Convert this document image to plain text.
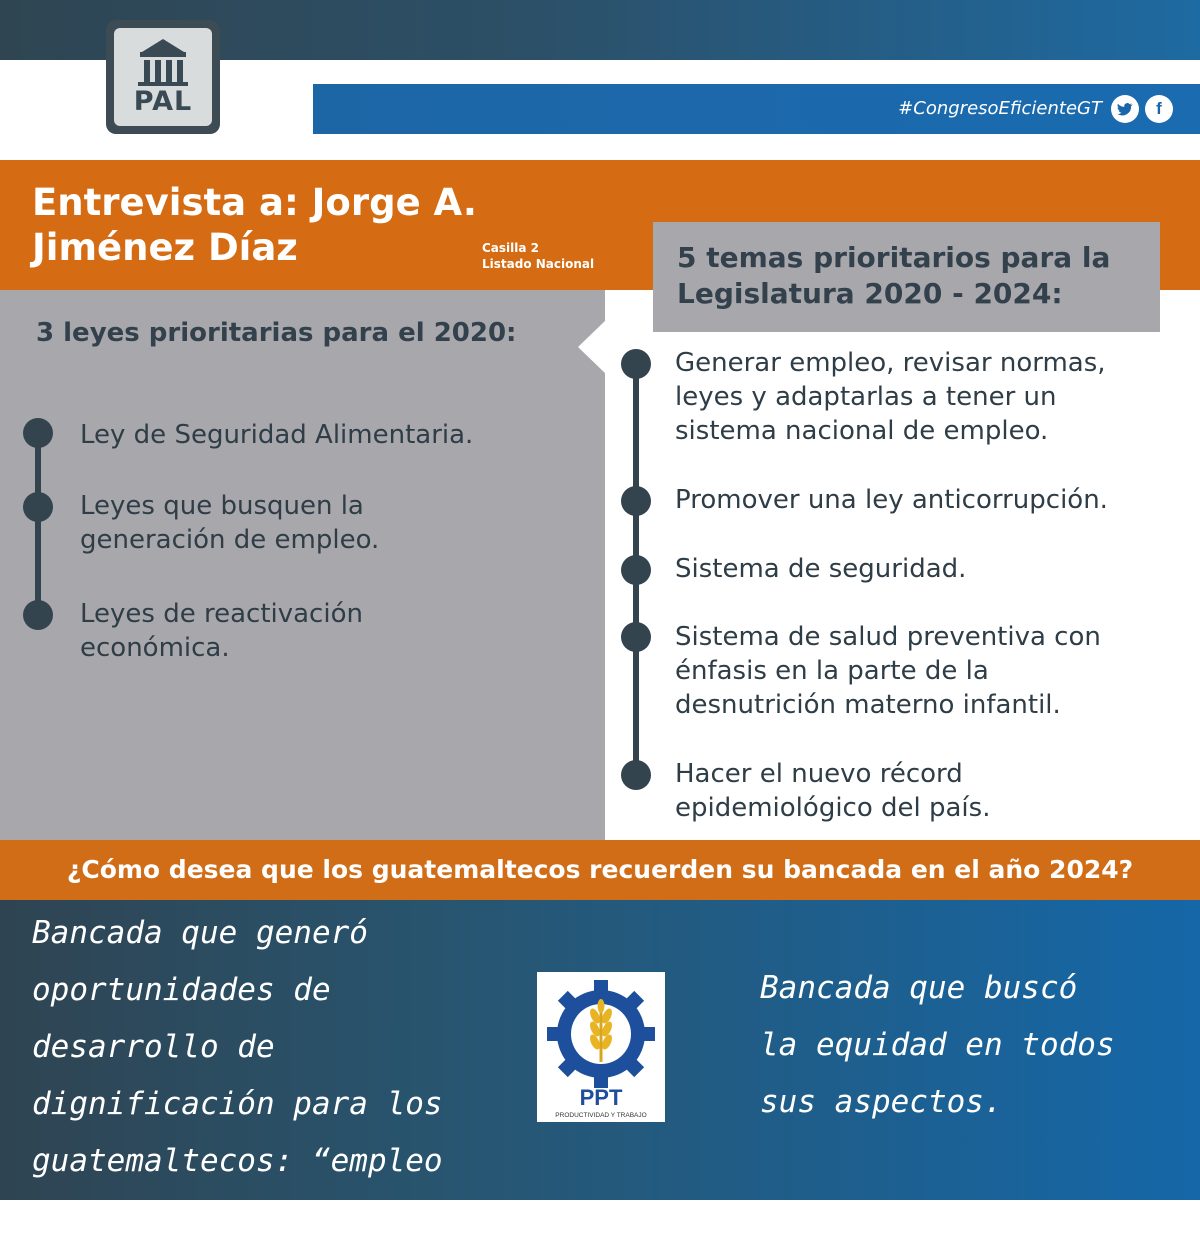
#CongresoEficienteGT	f
PAL
Entrevista a: Jorge A. Jiménez Díaz	Casilla 2
Listado Nacional
3 leyes prioritarias para el 2020:
Ley de Seguridad Alimentaria.
Leyes que busquen la generación de empleo.
Leyes de reactivación económica.
5 temas prioritarios para la Legislatura 2020 - 2024:
Generar empleo, revisar normas, leyes y adaptarlas a tener un sistema nacional de empleo.
Promover una ley anticorrupción.
Sistema de seguridad.
Sistema de salud preventiva con énfasis en la parte de la desnutrición materno infantil.
Hacer el nuevo récord epidemiológico del país.
¿Cómo desea que los guatemaltecos recuerden su bancada en el año 2024?
Bancada que generó oportunidades de desarrollo de dignificación para los guatemaltecos: “empleo para todos”.
Bancada que buscó la equidad en todos sus aspectos.
PPT
PRODUCTIVIDAD Y TRABAJO
